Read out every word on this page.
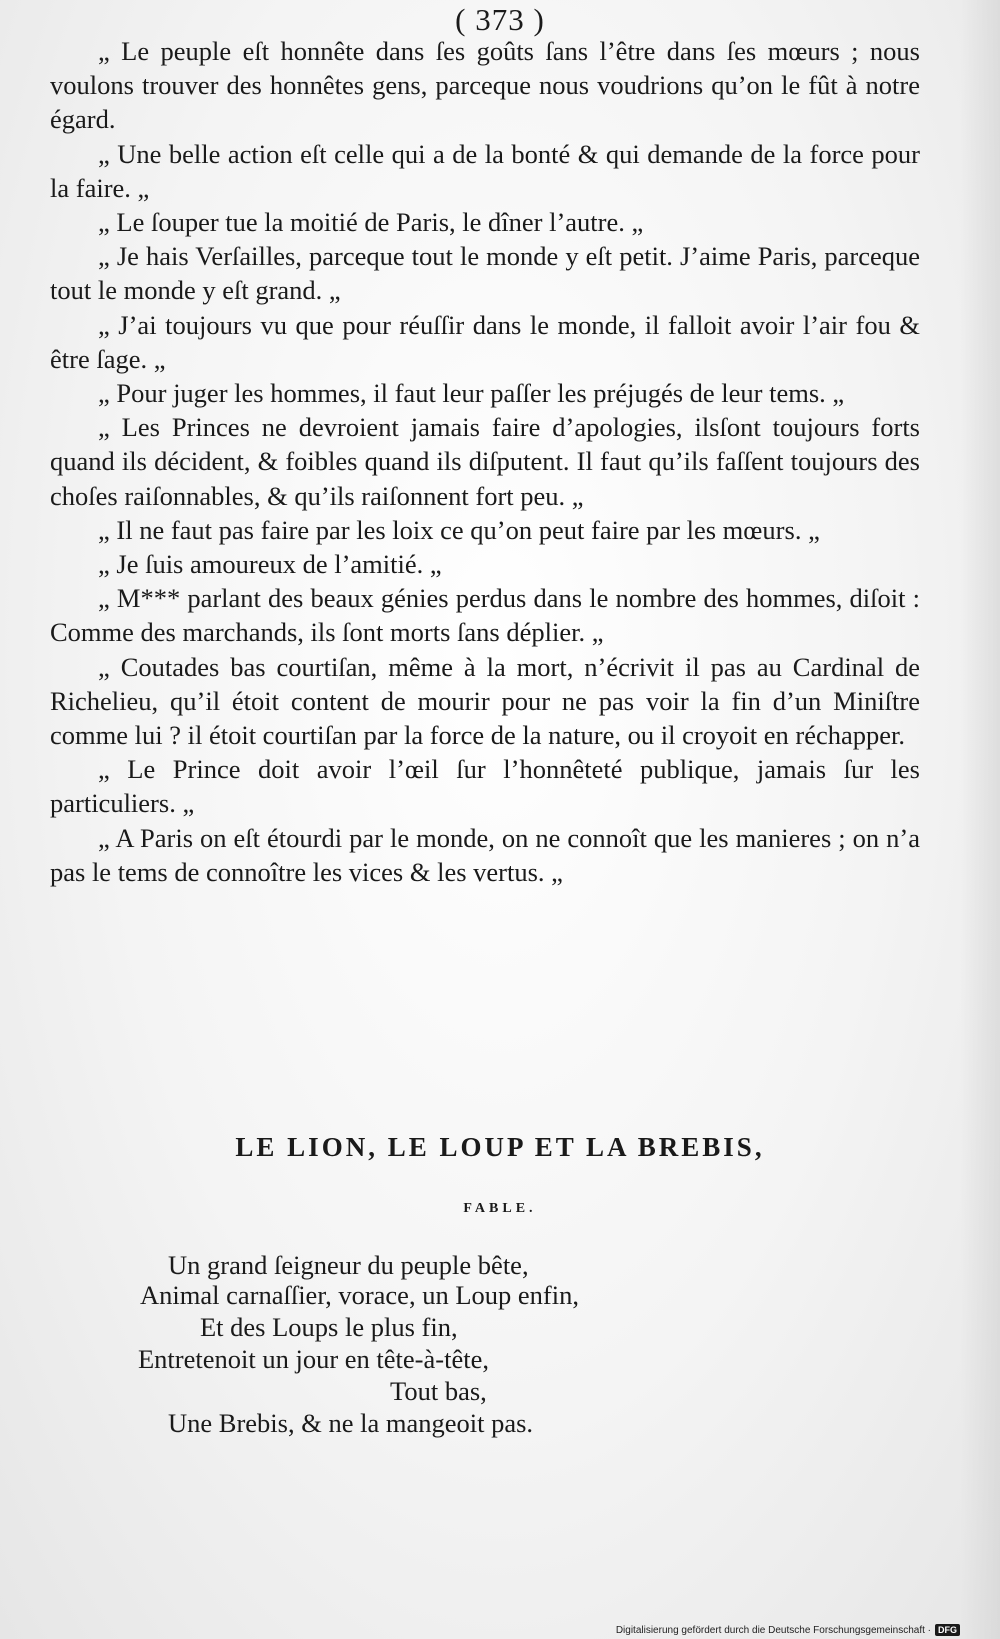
( 373 )

„ Le peuple eſt honnête dans ſes goûts ſans l’être dans ſes mœurs ; nous voulons trouver des honnêtes gens, parceque nous voudrions qu’on le fût à notre égard.

„ Une belle action eſt celle qui a de la bonté & qui demande de la force pour la faire. „

„ Le ſouper tue la moitié de Paris, le dîner l’autre. „

„ Je hais Verſailles, parceque tout le monde y eſt petit. J’aime Paris, parceque tout le monde y eſt grand. „

„ J’ai toujours vu que pour réuſſir dans le monde, il falloit avoir l’air fou & être ſage. „

„ Pour juger les hommes, il faut leur paſſer les préjugés de leur tems. „

„ Les Princes ne devroient jamais faire d’apologies, ilsſont toujours forts quand ils décident, & foibles quand ils diſputent. Il faut qu’ils faſſent toujours des choſes raiſonnables, & qu’ils raiſonnent fort peu. „

„ Il ne faut pas faire par les loix ce qu’on peut faire par les mœurs. „

„ Je ſuis amoureux de l’amitié. „

„ M*** parlant des beaux génies perdus dans le nombre des hommes, diſoit : Comme des marchands, ils ſont morts ſans déplier. „

„ Coutades bas courtiſan, même à la mort, n’écrivit il pas au Cardinal de Richelieu, qu’il étoit content de mourir pour ne pas voir la fin d’un Miniſtre comme lui ? il étoit courtiſan par la force de la nature, ou il croyoit en réchapper.

„ Le Prince doit avoir l’œil ſur l’honnêteté publique, jamais ſur les particuliers. „

„ A Paris on eſt étourdi par le monde, on ne connoît que les manieres ; on n’a pas le tems de connoître les vices & les vertus. „

LE LION, LE LOUP ET LA BREBIS,
FABLE.
Un grand ſeigneur du peuple bête,
Animal carnaſſier, vorace, un Loup enfin,
Et des Loups le plus fin,
Entretenoit un jour en tête-à-tête,
Tout bas,
Une Brebis, & ne la mangeoit pas.
Digitalisierung gefördert durch die Deutsche Forschungsgemeinschaft · DFG
